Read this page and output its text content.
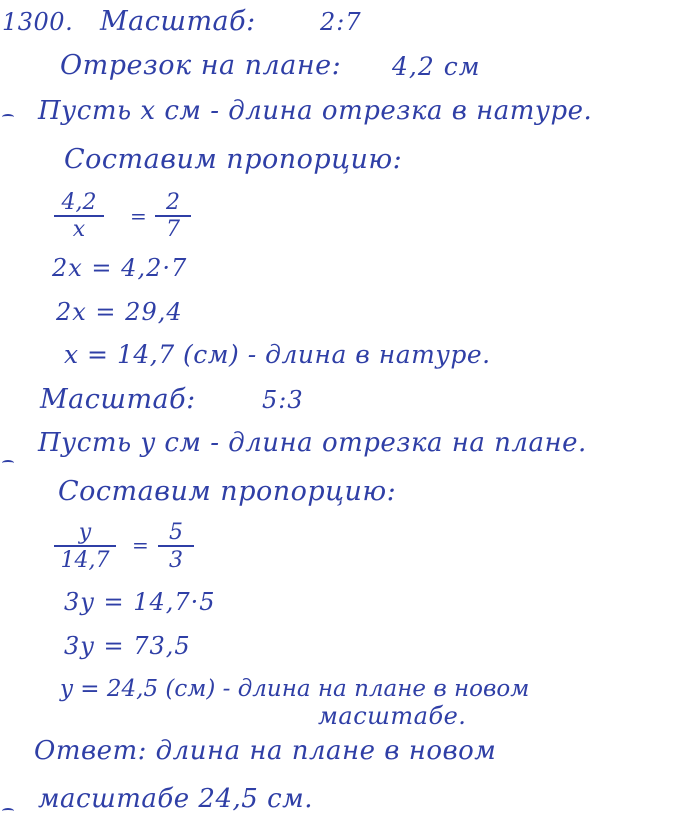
1300. Масштаб:	2:7
Отрезок на плане: 4,2 см
Пусть x см - длина отрезка в натуре.
Составим пропорцию:
4,2
x
=
2
7
2x = 4,2·7
2x = 29,4
x = 14,7 (см) - длина в натуре.
Масштаб:	5:3
Пусть y см - длина отрезка на плане.
Составим пропорцию:
y
14,7
= 5
3
3y = 14,7·5
3y = 73,5
y = 24,5 (см) - длина на плане в новом
масштабе.
Ответ: длина на плане в новом
масштабе 24,5 см.
